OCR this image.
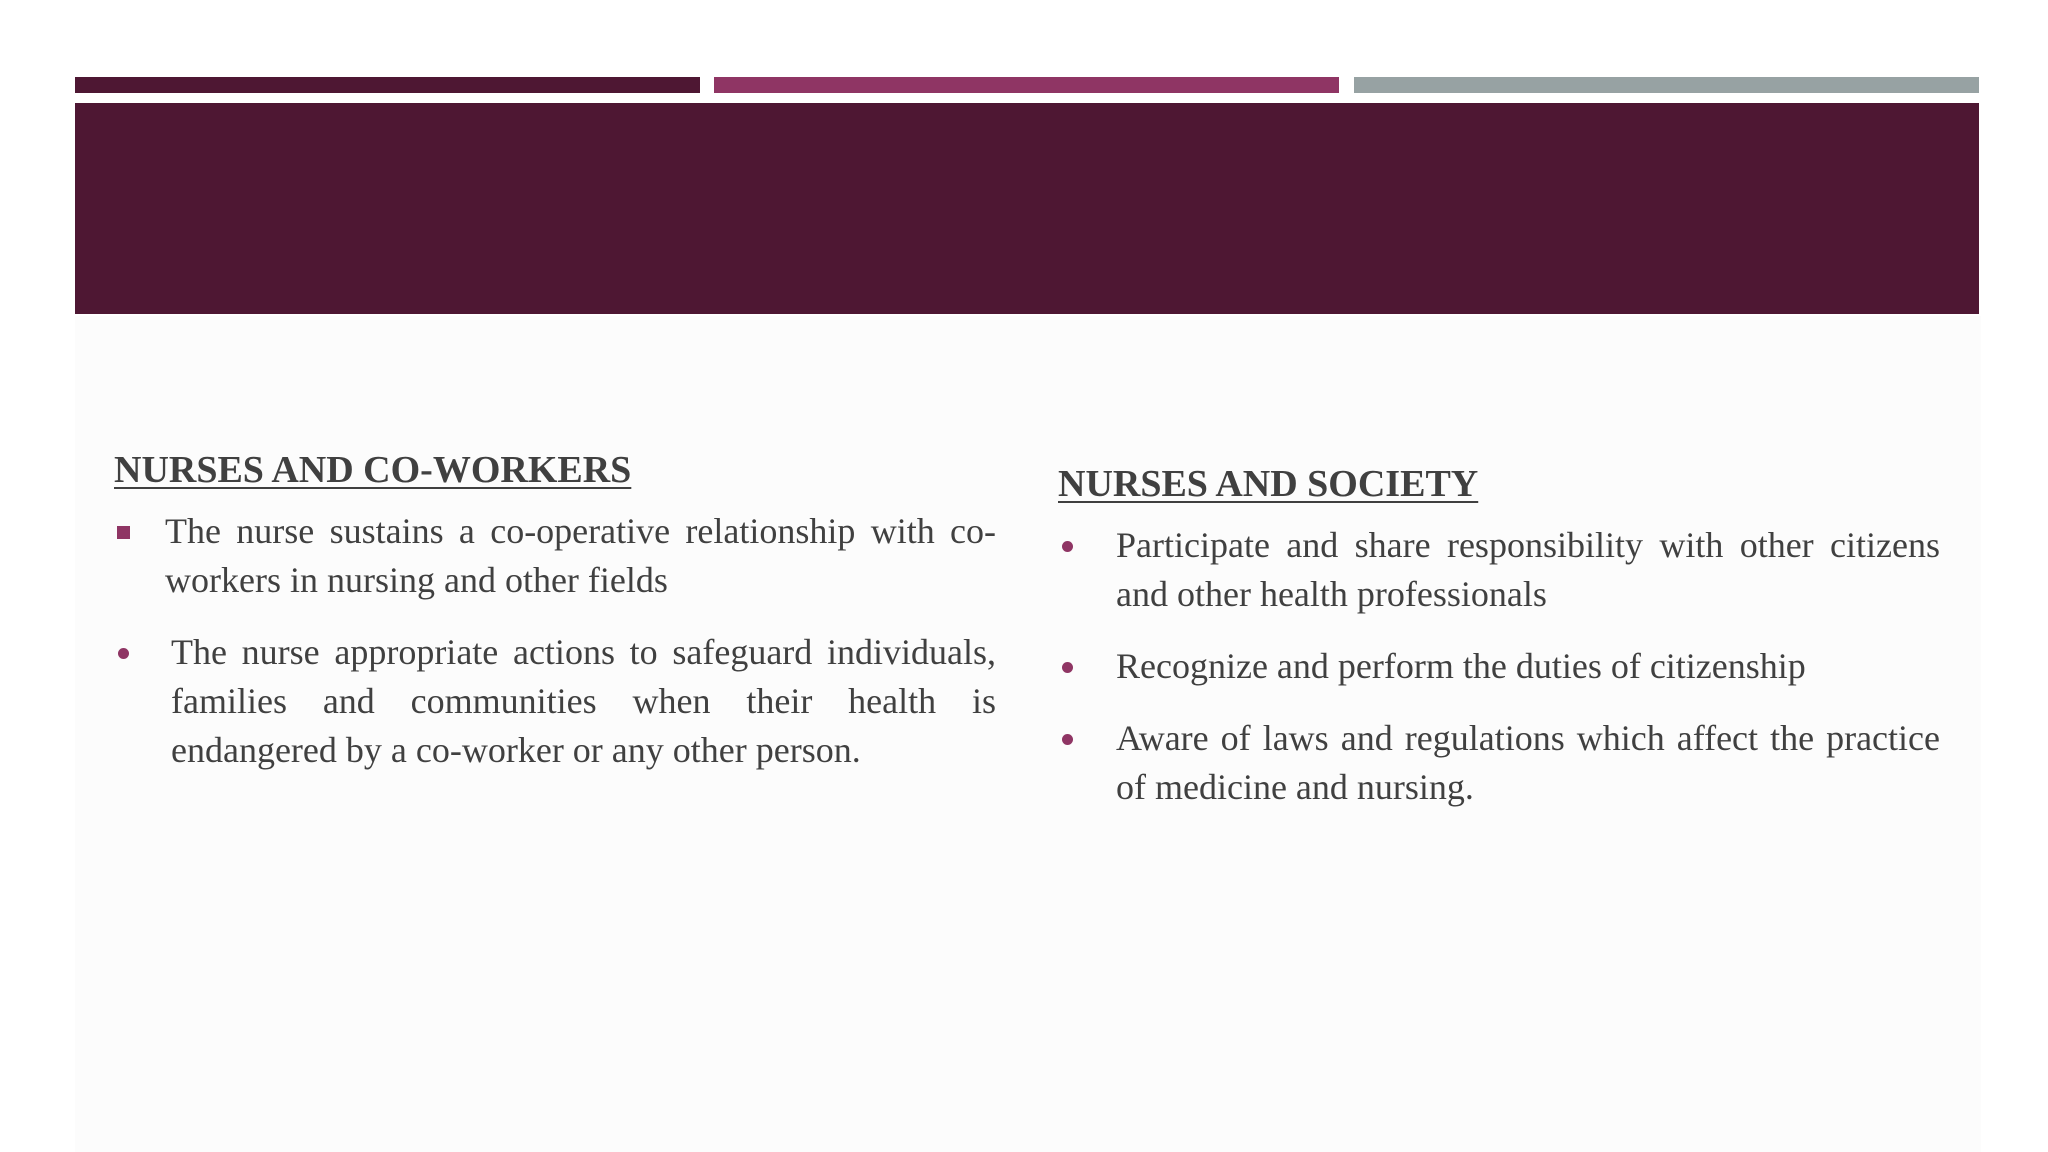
NURSES AND CO-WORKERS
The nurse sustains a co-operative relationship with co-workers in nursing and other fields
The nurse appropriate actions to safeguard individuals, families and communities when their health is endangered by a co-worker or any other person.
NURSES AND SOCIETY
Participate and share responsibility with other citizens and other health professionals
Recognize and perform the duties of citizenship
Aware of laws and regulations which affect the practice of medicine and nursing.
